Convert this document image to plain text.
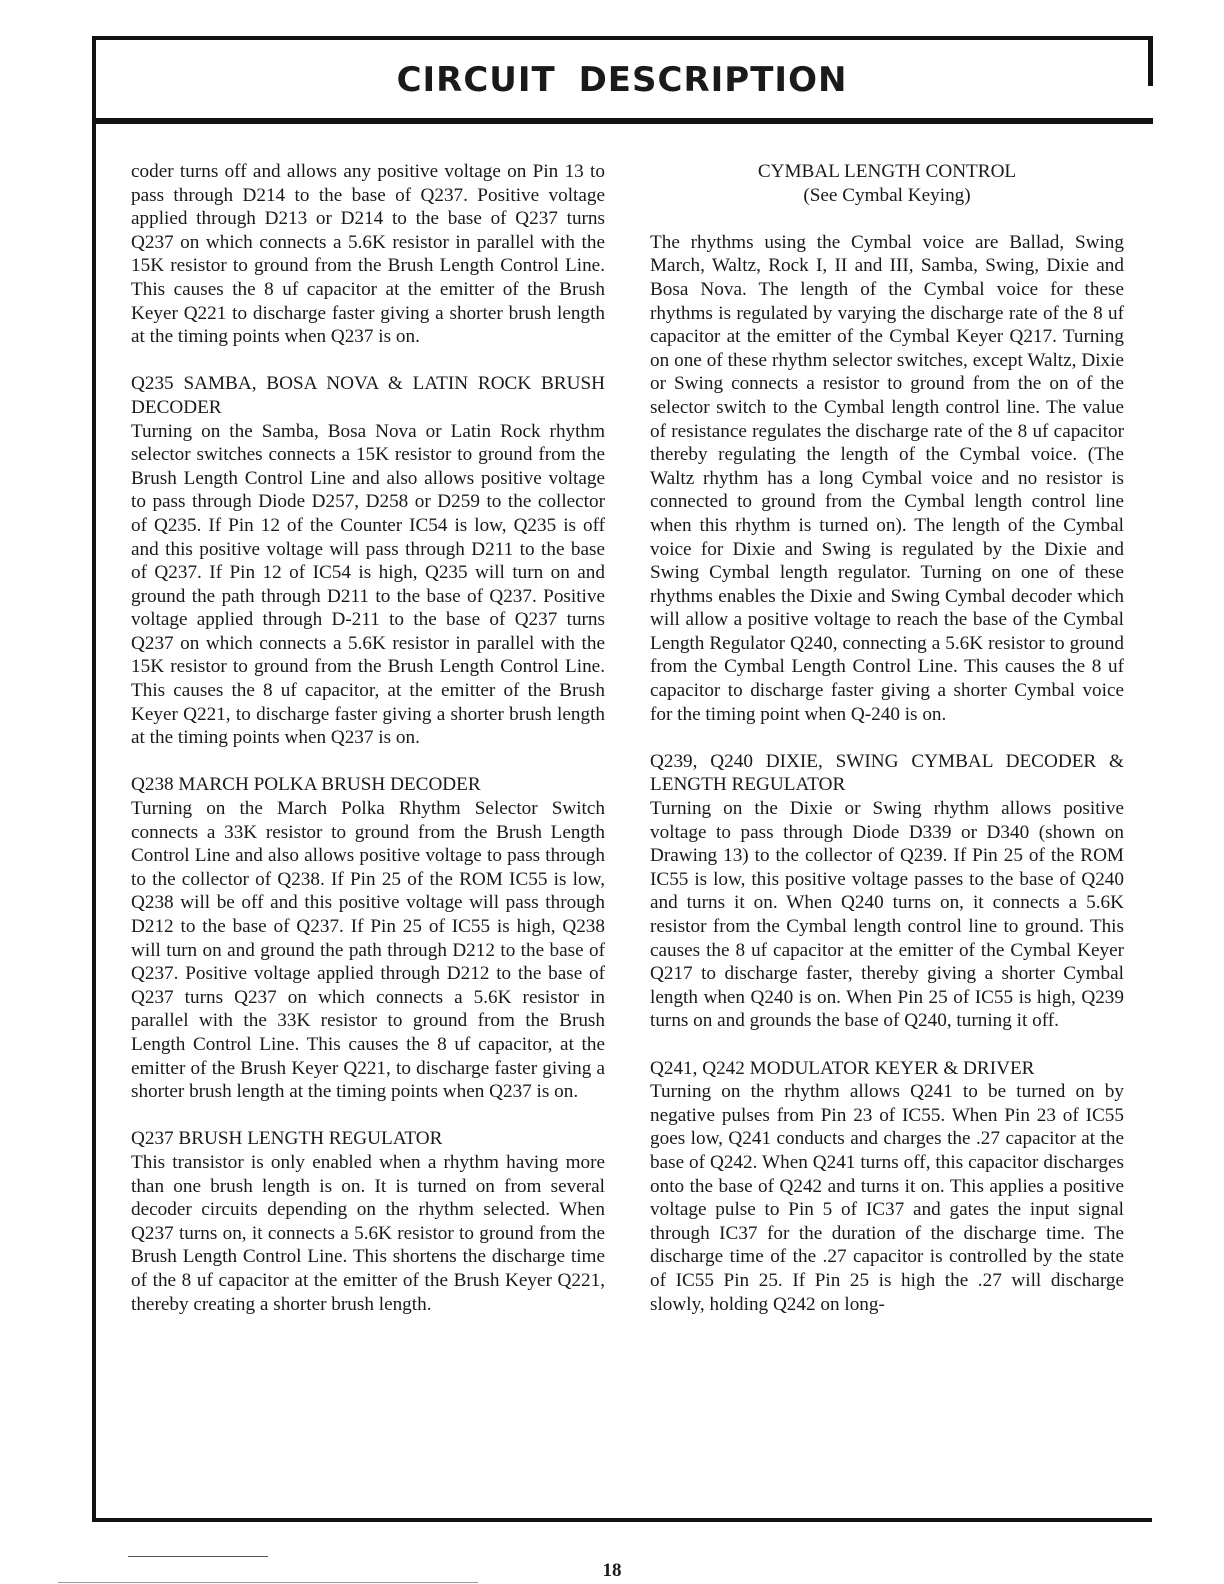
CIRCUIT DESCRIPTION

coder turns off and allows any positive voltage on Pin 13 to pass through D214 to the base of Q237. Positive voltage applied through D213 or D214 to the base of Q237 turns Q237 on which connects a 5.6K resistor in parallel with the 15K resistor to ground from the Brush Length Control Line. This causes the 8 uf capacitor at the emitter of the Brush Keyer Q221 to discharge faster giving a shorter brush length at the timing points when Q237 is on.

Q235 SAMBA, BOSA NOVA & LATIN ROCK BRUSH DECODER

Turning on the Samba, Bosa Nova or Latin Rock rhythm selector switches connects a 15K resistor to ground from the Brush Length Control Line and also allows positive voltage to pass through Diode D257, D258 or D259 to the collector of Q235. If Pin 12 of the Counter IC54 is low, Q235 is off and this positive voltage will pass through D211 to the base of Q237. If Pin 12 of IC54 is high, Q235 will turn on and ground the path through D211 to the base of Q237. Positive voltage applied through D-211 to the base of Q237 turns Q237 on which connects a 5.6K resistor in parallel with the 15K resistor to ground from the Brush Length Control Line. This causes the 8 uf capacitor, at the emitter of the Brush Keyer Q221, to discharge faster giving a shorter brush length at the timing points when Q237 is on.

Q238 MARCH POLKA BRUSH DECODER

Turning on the March Polka Rhythm Selector Switch connects a 33K resistor to ground from the Brush Length Control Line and also allows positive voltage to pass through to the collector of Q238. If Pin 25 of the ROM IC55 is low, Q238 will be off and this positive voltage will pass through D212 to the base of Q237. If Pin 25 of IC55 is high, Q238 will turn on and ground the path through D212 to the base of Q237. Positive voltage applied through D212 to the base of Q237 turns Q237 on which connects a 5.6K resistor in parallel with the 33K resistor to ground from the Brush Length Control Line. This causes the 8 uf capacitor, at the emitter of the Brush Keyer Q221, to discharge faster giving a shorter brush length at the timing points when Q237 is on.

Q237 BRUSH LENGTH REGULATOR

This transistor is only enabled when a rhythm having more than one brush length is on. It is turned on from several decoder circuits depending on the rhythm selected. When Q237 turns on, it connects a 5.6K resistor to ground from the Brush Length Control Line. This shortens the discharge time of the 8 uf capacitor at the emitter of the Brush Keyer Q221, thereby creating a shorter brush length.

CYMBAL LENGTH CONTROL

(See Cymbal Keying)

The rhythms using the Cymbal voice are Ballad, Swing March, Waltz, Rock I, II and III, Samba, Swing, Dixie and Bosa Nova. The length of the Cymbal voice for these rhythms is regulated by varying the discharge rate of the 8 uf capacitor at the emitter of the Cymbal Keyer Q217. Turning on one of these rhythm selector switches, except Waltz, Dixie or Swing connects a resistor to ground from the on of the selector switch to the Cymbal length control line. The value of resistance regulates the discharge rate of the 8 uf capacitor thereby regulating the length of the Cymbal voice. (The Waltz rhythm has a long Cymbal voice and no resistor is connected to ground from the Cymbal length control line when this rhythm is turned on). The length of the Cymbal voice for Dixie and Swing is regulated by the Dixie and Swing Cymbal length regulator. Turning on one of these rhythms enables the Dixie and Swing Cymbal decoder which will allow a positive voltage to reach the base of the Cymbal Length Regulator Q240, connecting a 5.6K resistor to ground from the Cymbal Length Control Line. This causes the 8 uf capacitor to discharge faster giving a shorter Cymbal voice for the timing point when Q-240 is on.

Q239, Q240 DIXIE, SWING CYMBAL DECODER & LENGTH REGULATOR

Turning on the Dixie or Swing rhythm allows positive voltage to pass through Diode D339 or D340 (shown on Drawing 13) to the collector of Q239. If Pin 25 of the ROM IC55 is low, this positive voltage passes to the base of Q240 and turns it on. When Q240 turns on, it connects a 5.6K resistor from the Cymbal length control line to ground. This causes the 8 uf capacitor at the emitter of the Cymbal Keyer Q217 to discharge faster, thereby giving a shorter Cymbal length when Q240 is on. When Pin 25 of IC55 is high, Q239 turns on and grounds the base of Q240, turning it off.

Q241, Q242 MODULATOR KEYER & DRIVER

Turning on the rhythm allows Q241 to be turned on by negative pulses from Pin 23 of IC55. When Pin 23 of IC55 goes low, Q241 conducts and charges the .27 capacitor at the base of Q242. When Q241 turns off, this capacitor discharges onto the base of Q242 and turns it on. This applies a positive voltage pulse to Pin 5 of IC37 and gates the input signal through IC37 for the duration of the discharge time. The discharge time of the .27 capacitor is controlled by the state of IC55 Pin 25. If Pin 25 is high the .27 will discharge slowly, holding Q242 on long-

18
